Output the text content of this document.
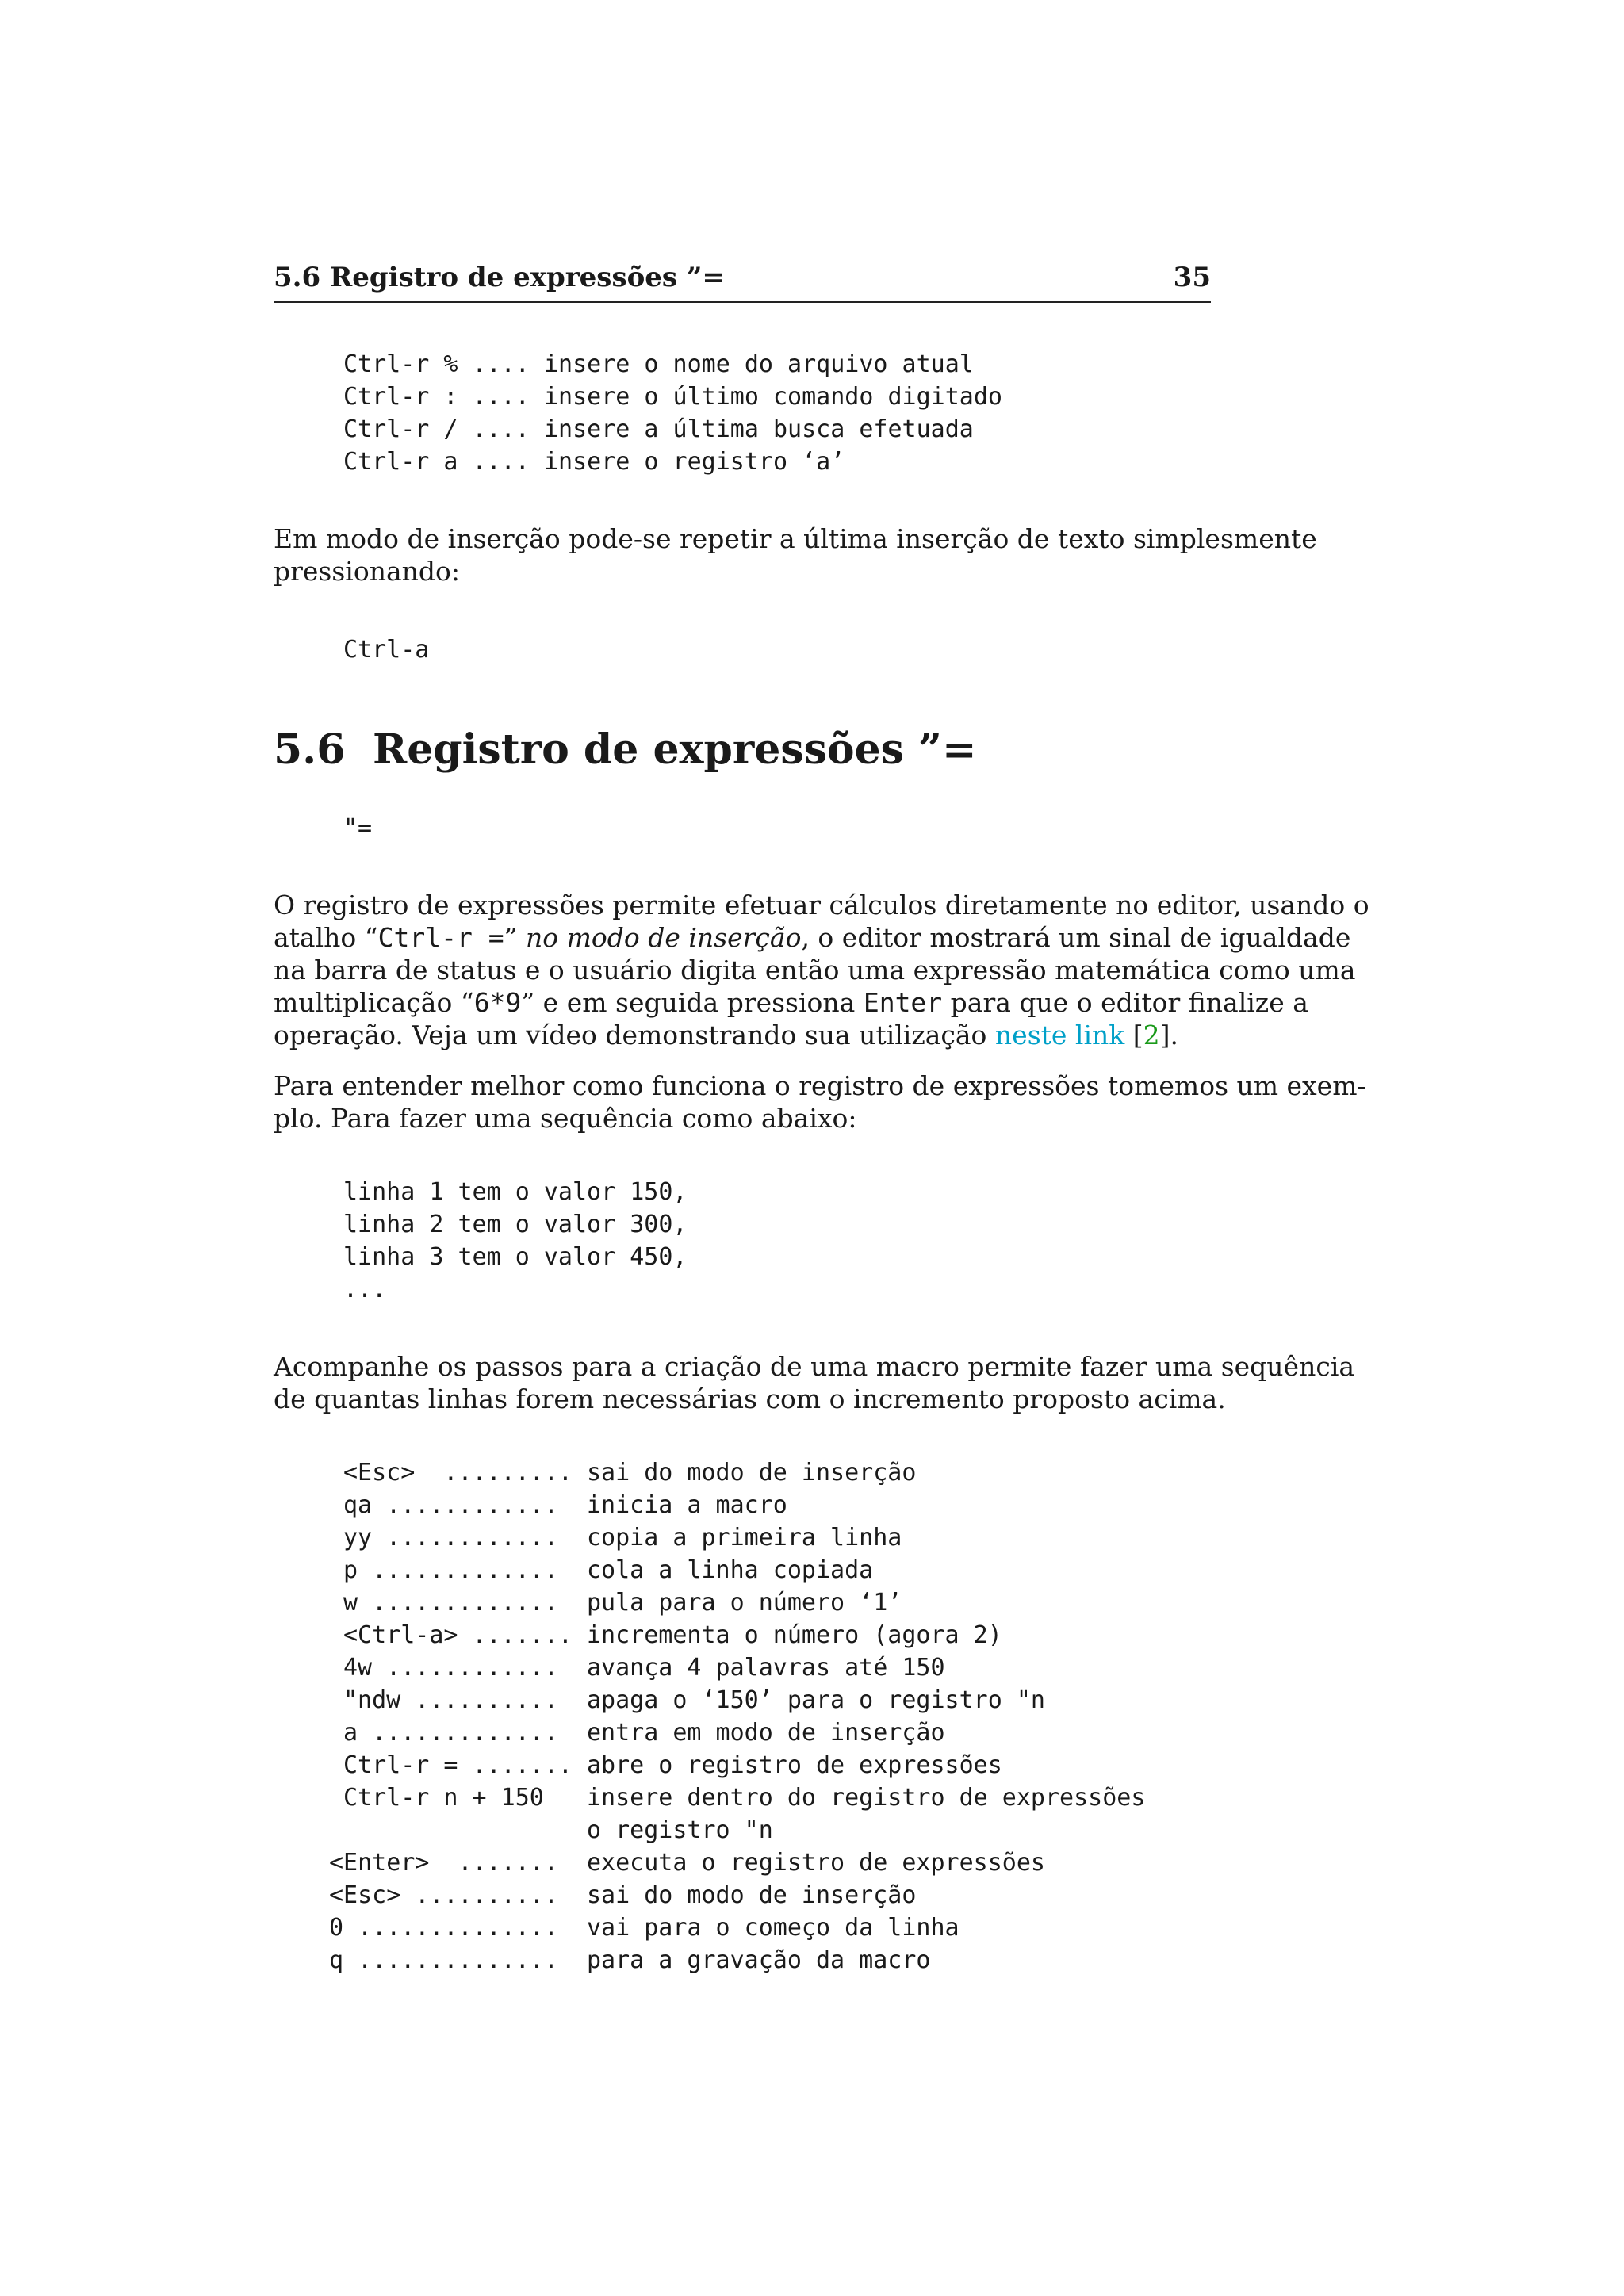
5.6 Registro de expressões ”=	35
Ctrl-r % .... insere o nome do arquivo atual
Ctrl-r : .... insere o último comando digitado
Ctrl-r / .... insere a última busca efetuada
Ctrl-r a .... insere o registro ‘a’
Em modo de inserção pode-se repetir a última inserção de texto simplesmente
pressionando:
Ctrl-a
5.6 Registro de expressões ”=
"=
O registro de expressões permite efetuar cálculos diretamente no editor, usando o
atalho “Ctrl-r =” no modo de inserção, o editor mostrará um sinal de igualdade
na barra de status e o usuário digita então uma expressão matemática como uma
multiplicação “6*9” e em seguida pressiona Enter para que o editor finalize a
operação. Veja um vídeo demonstrando sua utilização neste link [2].
Para entender melhor como funciona o registro de expressões tomemos um exem-
plo. Para fazer uma sequência como abaixo:
linha 1 tem o valor 150,
linha 2 tem o valor 300,
linha 3 tem o valor 450,
...
Acompanhe os passos para a criação de uma macro permite fazer uma sequência
de quantas linhas forem necessárias com o incremento proposto acima.
<Esc>  ......... sai do modo de inserção
qa ............ inicia a macro
yy ............ copia a primeira linha
p ............. cola a linha copiada
w ............. pula para o número ‘1’
<Ctrl-a> ....... incrementa o número (agora 2)
4w ............ avança 4 palavras até 150
"ndw .......... apaga o ‘150’ para o registro "n
a ............. entra em modo de inserção
Ctrl-r = ....... abre o registro de expressões
Ctrl-r n + 150 insere dentro do registro de expressões
o registro "n
<Enter>  ....... executa o registro de expressões
<Esc> .......... sai do modo de inserção
0 .............. vai para o começo da linha
q .............. para a gravação da macro
